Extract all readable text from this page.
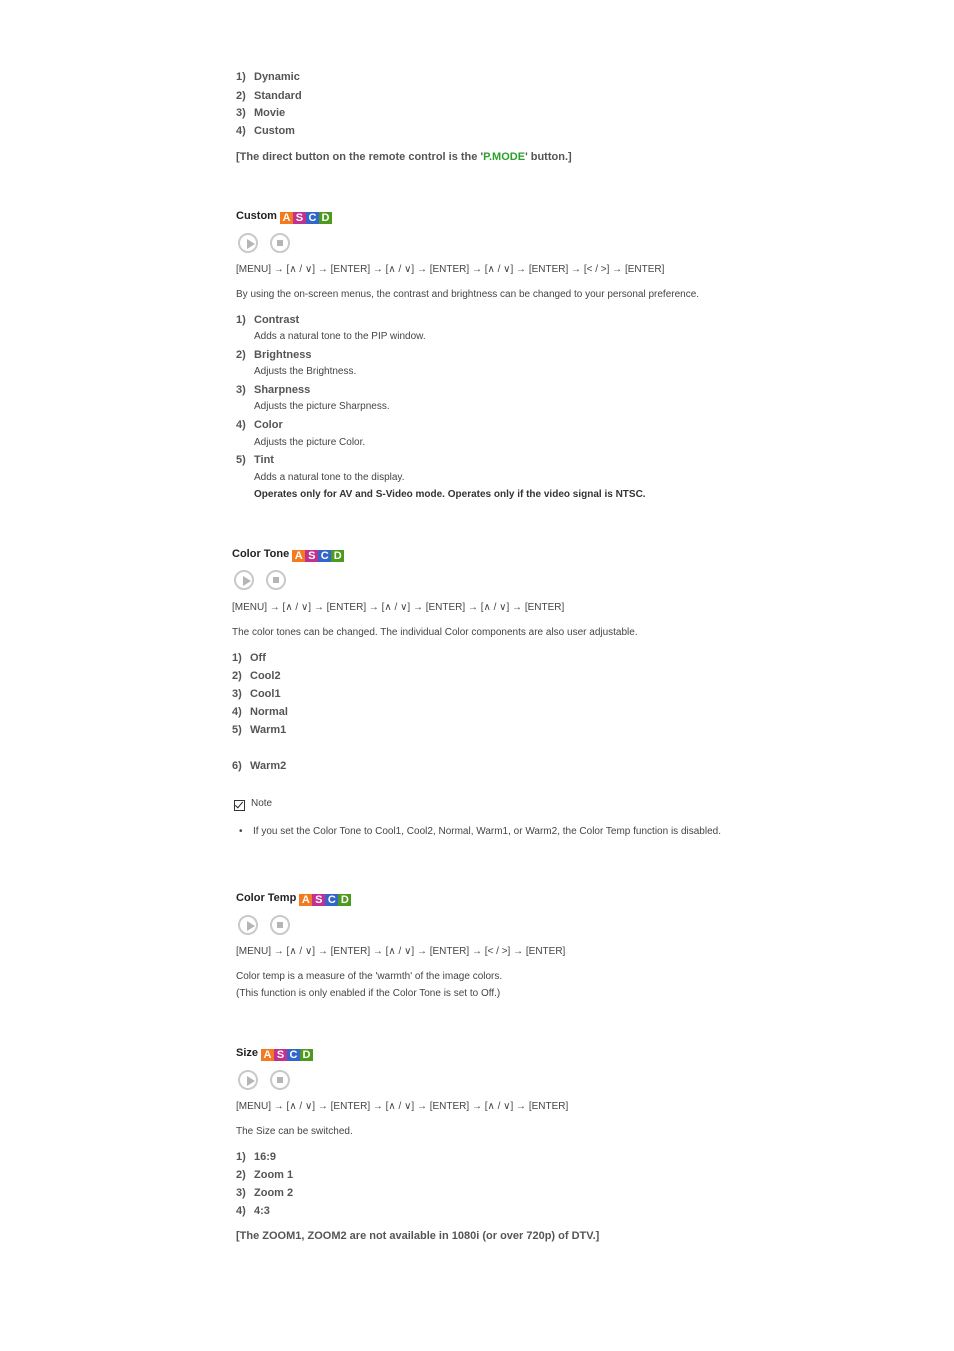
1) Dynamic
2) Standard
3) Movie
4) Custom
[The direct button on the remote control is the 'P.MODE' button.]
Custom A S C D
[MENU] → [∧ / ∨] → [ENTER] → [∧ / ∨] → [ENTER] → [∧ / ∨] → [ENTER] → [< / >] → [ENTER]
By using the on-screen menus, the contrast and brightness can be changed to your personal preference.
1) Contrast
Adds a natural tone to the PIP window.
2) Brightness
Adjusts the Brightness.
3) Sharpness
Adjusts the picture Sharpness.
4) Color
Adjusts the picture Color.
5) Tint
Adds a natural tone to the display.
Operates only for AV and S-Video mode. Operates only if the video signal is NTSC.
Color Tone A S C D
[MENU] → [∧ / ∨] → [ENTER] → [∧ / ∨] → [ENTER] → [∧ / ∨] → [ENTER]
The color tones can be changed. The individual Color components are also user adjustable.
1) Off
2) Cool2
3) Cool1
4) Normal
5) Warm1
6) Warm2
Note
• If you set the Color Tone to Cool1, Cool2, Normal, Warm1, or Warm2, the Color Temp function is disabled.
Color Temp A S C D
[MENU] → [∧ / ∨] → [ENTER] → [∧ / ∨] → [ENTER] → [< / >] → [ENTER]
Color temp is a measure of the 'warmth' of the image colors.
(This function is only enabled if the Color Tone is set to Off.)
Size A S C D
[MENU] → [∧ / ∨] → [ENTER] → [∧ / ∨] → [ENTER] → [∧ / ∨] → [ENTER]
The Size can be switched.
1) 16:9
2) Zoom 1
3) Zoom 2
4) 4:3
[The ZOOM1, ZOOM2 are not available in 1080i (or over 720p) of DTV.]
